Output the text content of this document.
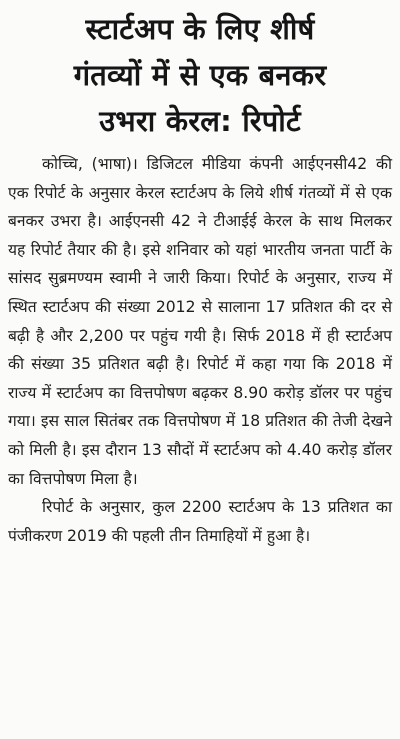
स्टार्टअप के लिए शीर्ष
गंतव्यों में से एक बनकर
उभरा केरल: रिपोर्ट

कोच्चि, (भाषा)। डिजिटल मीडिया कंपनी आईएनसी42 की एक रिपोर्ट के अनुसार केरल स्टार्टअप के लिये शीर्ष गंतव्यों में से एक बनकर उभरा है। आईएनसी 42 ने टीआईई केरल के साथ मिलकर यह रिपोर्ट तैयार की है। इसे शनिवार को यहां भारतीय जनता पार्टी के सांसद सुब्रमण्यम स्वामी ने जारी किया। रिपोर्ट के अनुसार, राज्य में स्थित स्टार्टअप की संख्या 2012 से सालाना 17 प्रतिशत की दर से बढ़ी है और 2,200 पर पहुंच गयी है। सिर्फ 2018 में ही स्टार्टअप की संख्या 35 प्रतिशत बढ़ी है। रिपोर्ट में कहा गया कि 2018 में राज्य में स्टार्टअप का वित्तपोषण बढ़कर 8.90 करोड़ डॉलर पर पहुंच गया। इस साल सितंबर तक वित्तपोषण में 18 प्रतिशत की तेजी देखने को मिली है। इस दौरान 13 सौदों में स्टार्टअप को 4.40 करोड़ डॉलर का वित्तपोषण मिला है।

रिपोर्ट के अनुसार, कुल 2200 स्टार्टअप के 13 प्रतिशत का पंजीकरण 2019 की पहली तीन तिमाहियों में हुआ है।
